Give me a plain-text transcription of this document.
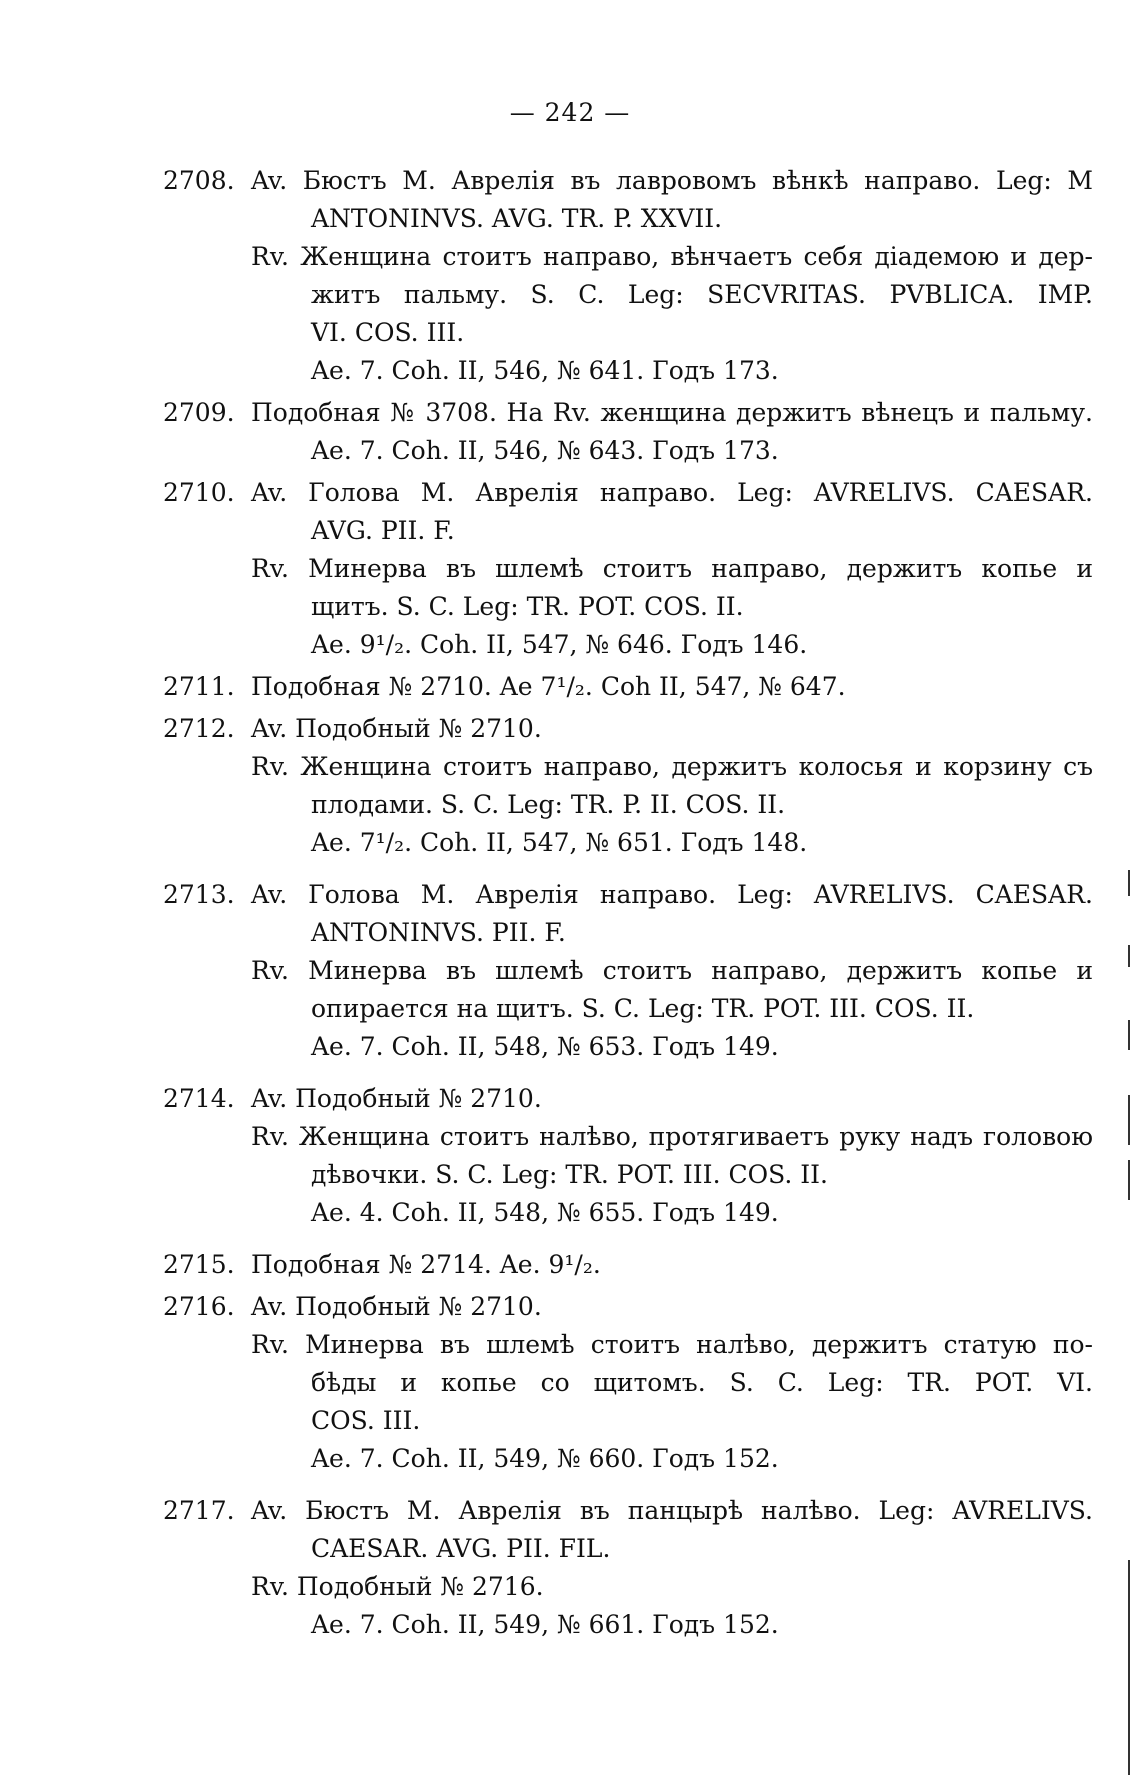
— 242 —
2708. Av. Бюстъ М. Аврелія въ лавровомъ вѣнкѣ направо. Leg: M
ANTONINVS. AVG. TR. P. XXVII.
Rv. Женщина стоитъ направо, вѣнчаетъ себя діадемою и дер-
житъ пальму. S. C. Leg: SECVRITAS. PVBLICA. IMP.
VI. COS. III.
Ae. 7. Coh. II, 546, № 641. Годъ 173.
2709. Подобная № 3708. На Rv. женщина держитъ вѣнецъ и пальму.
Ae. 7. Coh. II, 546, № 643. Годъ 173.
2710. Av. Голова М. Аврелія направо. Leg: AVRELIVS. CAESAR.
AVG. PII. F.
Rv. Минерва въ шлемѣ стоитъ направо, держитъ копье и
щитъ. S. C. Leg: TR. POT. COS. II.
Ae. 9¹/₂. Coh. II, 547, № 646. Годъ 146.
2711. Подобная № 2710. Ae 7¹/₂. Coh II, 547, № 647.
2712. Av. Подобный № 2710.
Rv. Женщина стоитъ направо, держитъ колосья и корзину съ
плодами. S. C. Leg: TR. P. II. COS. II.
Ae. 7¹/₂. Coh. II, 547, № 651. Годъ 148.
2713. Av. Голова М. Аврелія направо. Leg: AVRELIVS. CAESAR.
ANTONINVS. PII. F.
Rv. Минерва въ шлемѣ стоитъ направо, держитъ копье и
опирается на щитъ. S. C. Leg: TR. POT. III. COS. II.
Ae. 7. Coh. II, 548, № 653. Годъ 149.
2714. Av. Подобный № 2710.
Rv. Женщина стоитъ налѣво, протягиваетъ руку надъ головою
дѣвочки. S. C. Leg: TR. POT. III. COS. II.
Ae. 4. Coh. II, 548, № 655. Годъ 149.
2715. Подобная № 2714. Ae. 9¹/₂.
2716. Av. Подобный № 2710.
Rv. Минерва въ шлемѣ стоитъ налѣво, держитъ статую по-
бѣды и копье со щитомъ. S. C. Leg: TR. POT. VI.
COS. III.
Ae. 7. Coh. II, 549, № 660. Годъ 152.
2717. Av. Бюстъ М. Аврелія въ панцырѣ налѣво. Leg: AVRELIVS.
CAESAR. AVG. PII. FIL.
Rv. Подобный № 2716.
Ae. 7. Coh. II, 549, № 661. Годъ 152.
